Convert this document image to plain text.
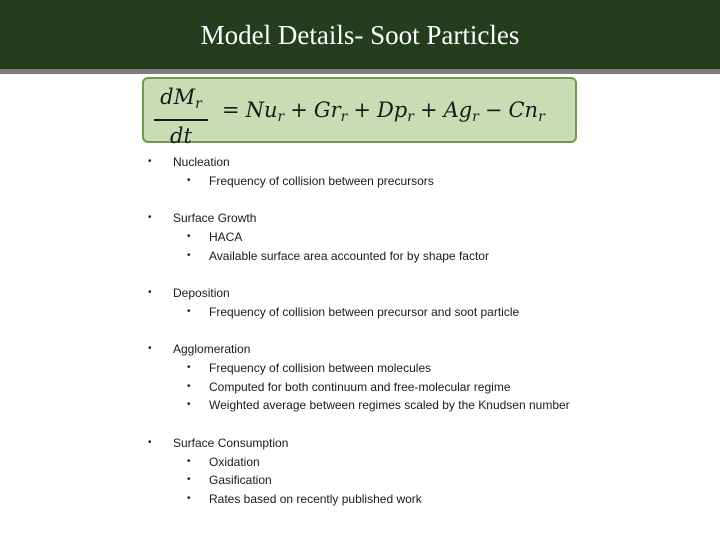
Model Details- Soot Particles
$dM_r$
dt
= $Nu_r + Gr_r + Dp_r + Ag_r - Cn_r$
• Nucleation
• Frequency of collision between precursors
• Surface Growth
• HACA
• Available surface area accounted for by shape factor
• Deposition
• Frequency of collision between precursor and soot particle
• Agglomeration
• Frequency of collision between molecules
• Computed for both continuum and free-molecular regime
• Weighted average between regimes scaled by the Knudsen number
• Surface Consumption
• Oxidation
• Gasification
• Rates based on recently published work
